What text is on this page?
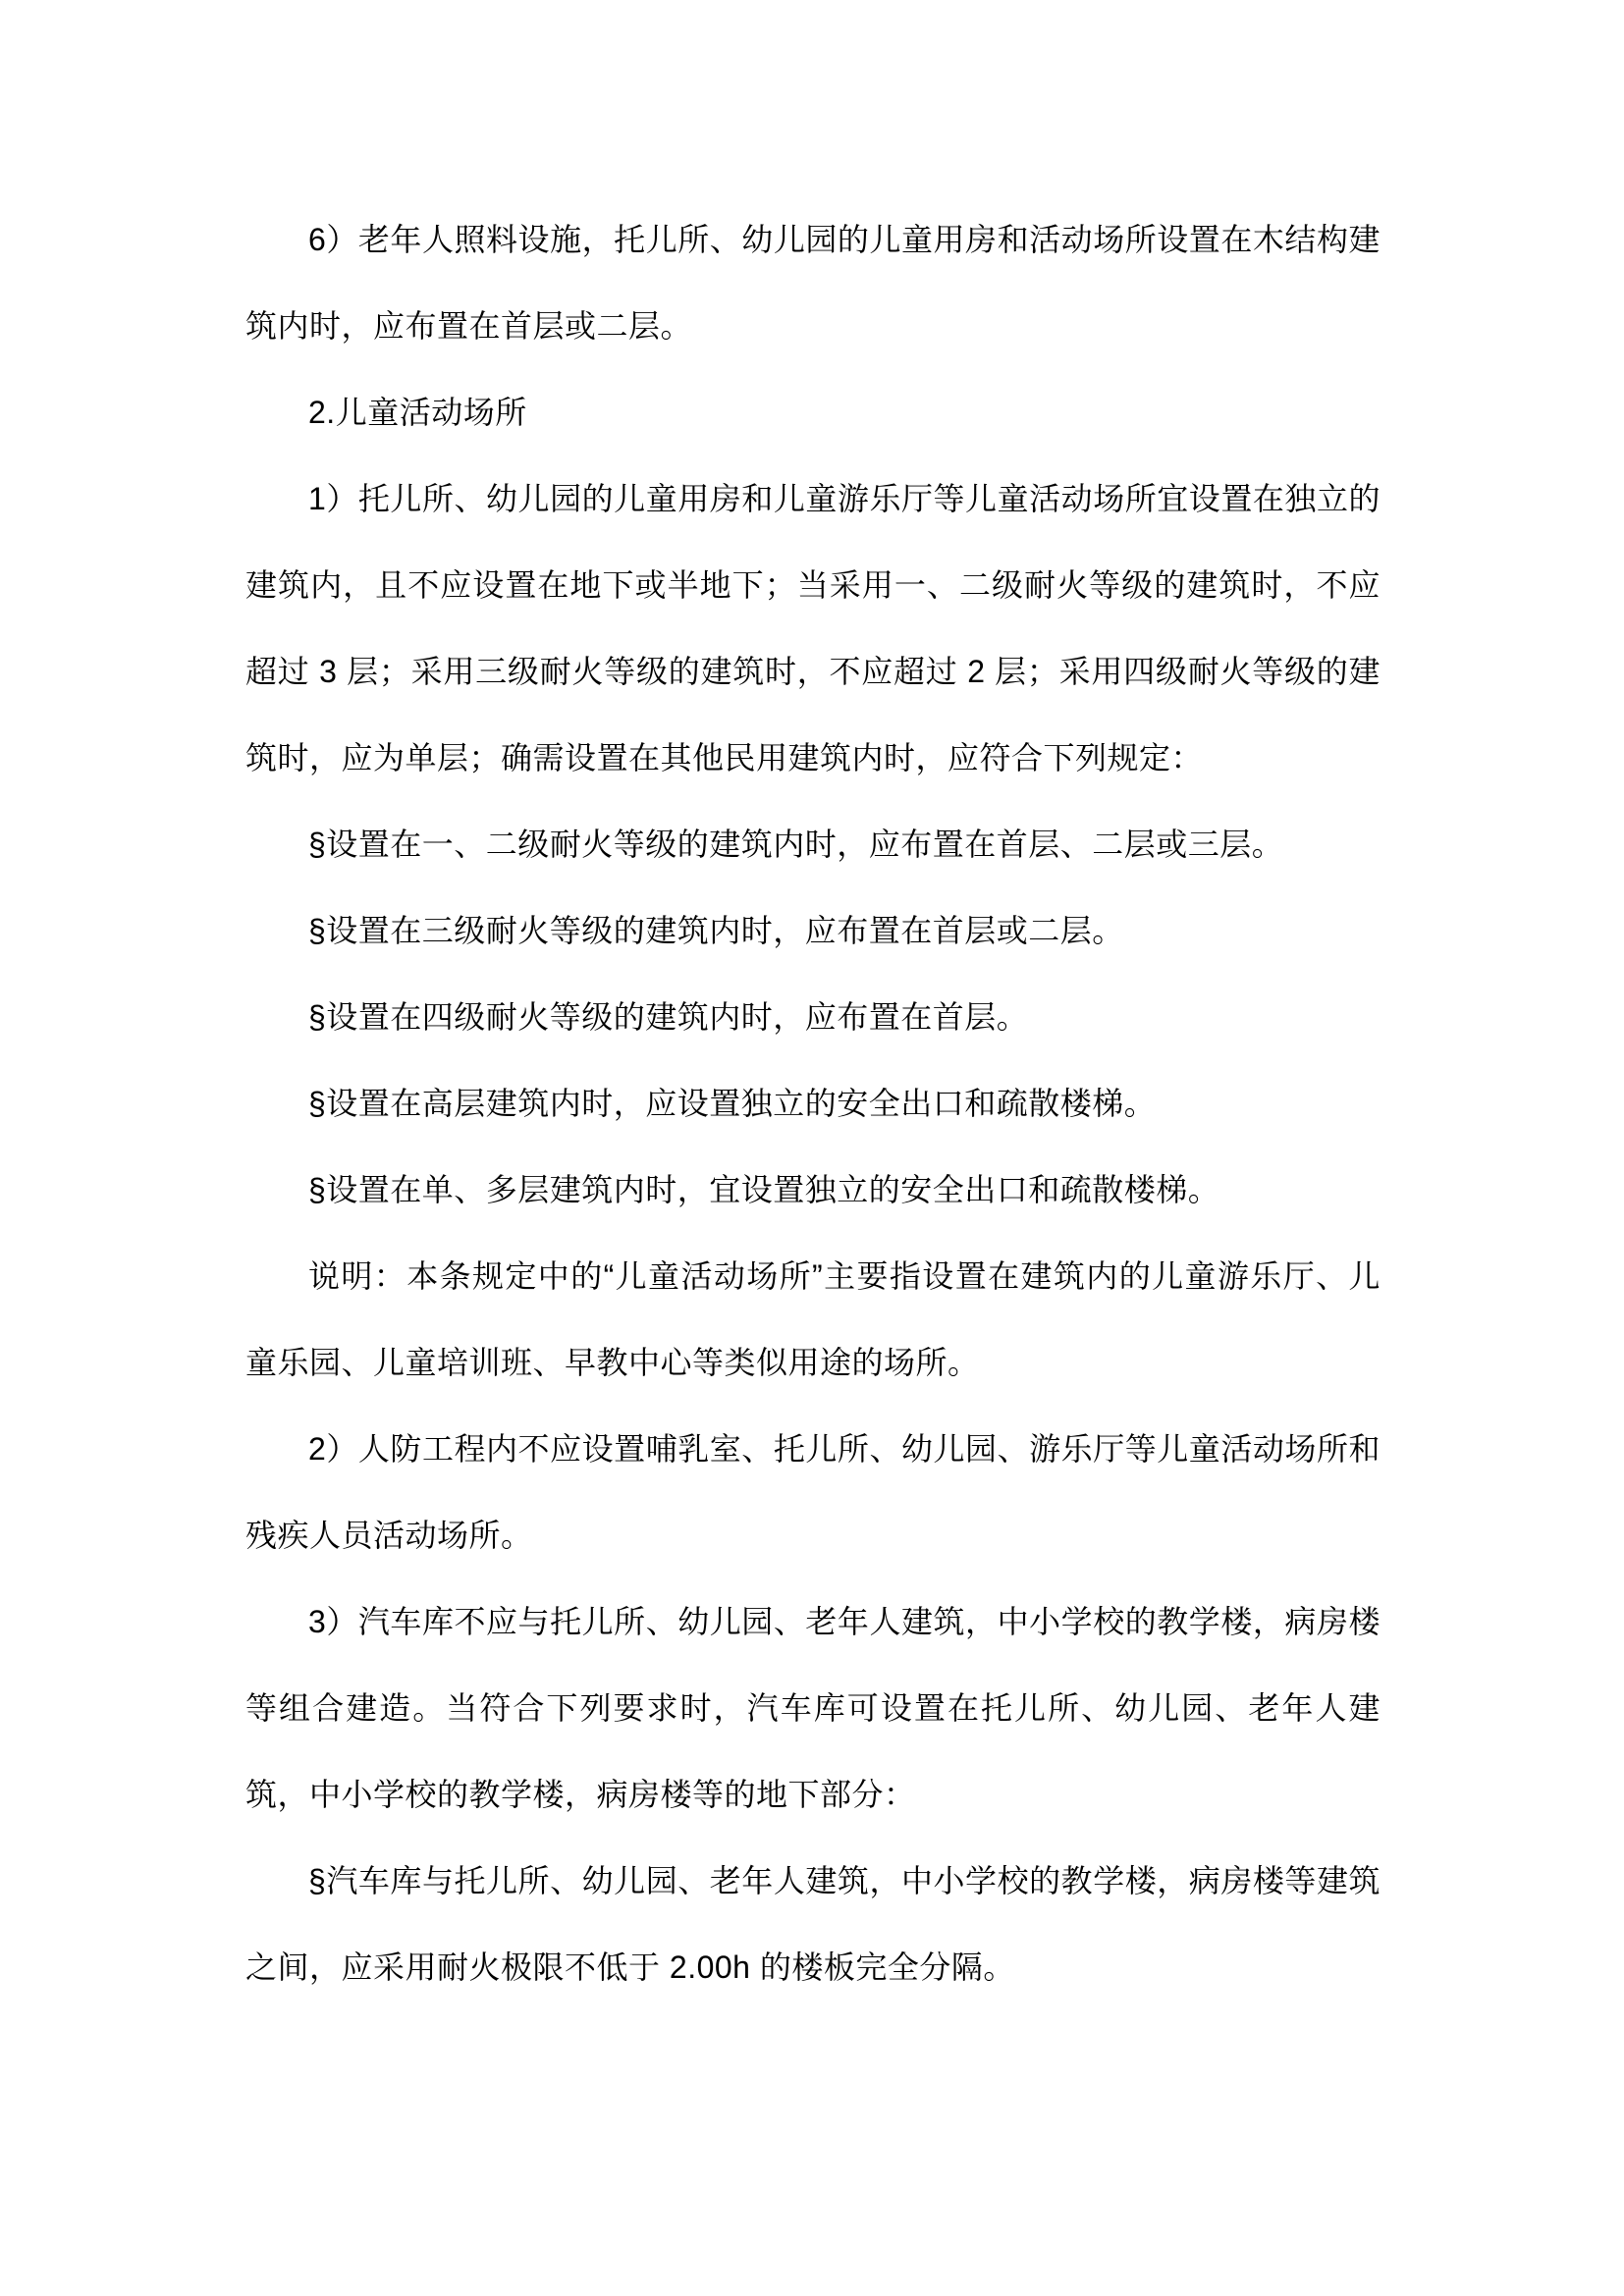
6）老年人照料设施，托儿所、幼儿园的儿童用房和活动场所设置在木结构建筑内时，应布置在首层或二层。

2.儿童活动场所

1）托儿所、幼儿园的儿童用房和儿童游乐厅等儿童活动场所宜设置在独立的建筑内，且不应设置在地下或半地下；当采用一、二级耐火等级的建筑时，不应超过 3 层；采用三级耐火等级的建筑时，不应超过 2 层；采用四级耐火等级的建筑时，应为单层；确需设置在其他民用建筑内时，应符合下列规定：

§设置在一、二级耐火等级的建筑内时，应布置在首层、二层或三层。

§设置在三级耐火等级的建筑内时，应布置在首层或二层。

§设置在四级耐火等级的建筑内时，应布置在首层。

§设置在高层建筑内时，应设置独立的安全出口和疏散楼梯。

§设置在单、多层建筑内时，宜设置独立的安全出口和疏散楼梯。

说明：本条规定中的“儿童活动场所”主要指设置在建筑内的儿童游乐厅、儿童乐园、儿童培训班、早教中心等类似用途的场所。

2）人防工程内不应设置哺乳室、托儿所、幼儿园、游乐厅等儿童活动场所和残疾人员活动场所。

3）汽车库不应与托儿所、幼儿园、老年人建筑，中小学校的教学楼，病房楼等组合建造。当符合下列要求时，汽车库可设置在托儿所、幼儿园、老年人建筑，中小学校的教学楼，病房楼等的地下部分：

§汽车库与托儿所、幼儿园、老年人建筑，中小学校的教学楼，病房楼等建筑之间，应采用耐火极限不低于 2.00h 的楼板完全分隔。
